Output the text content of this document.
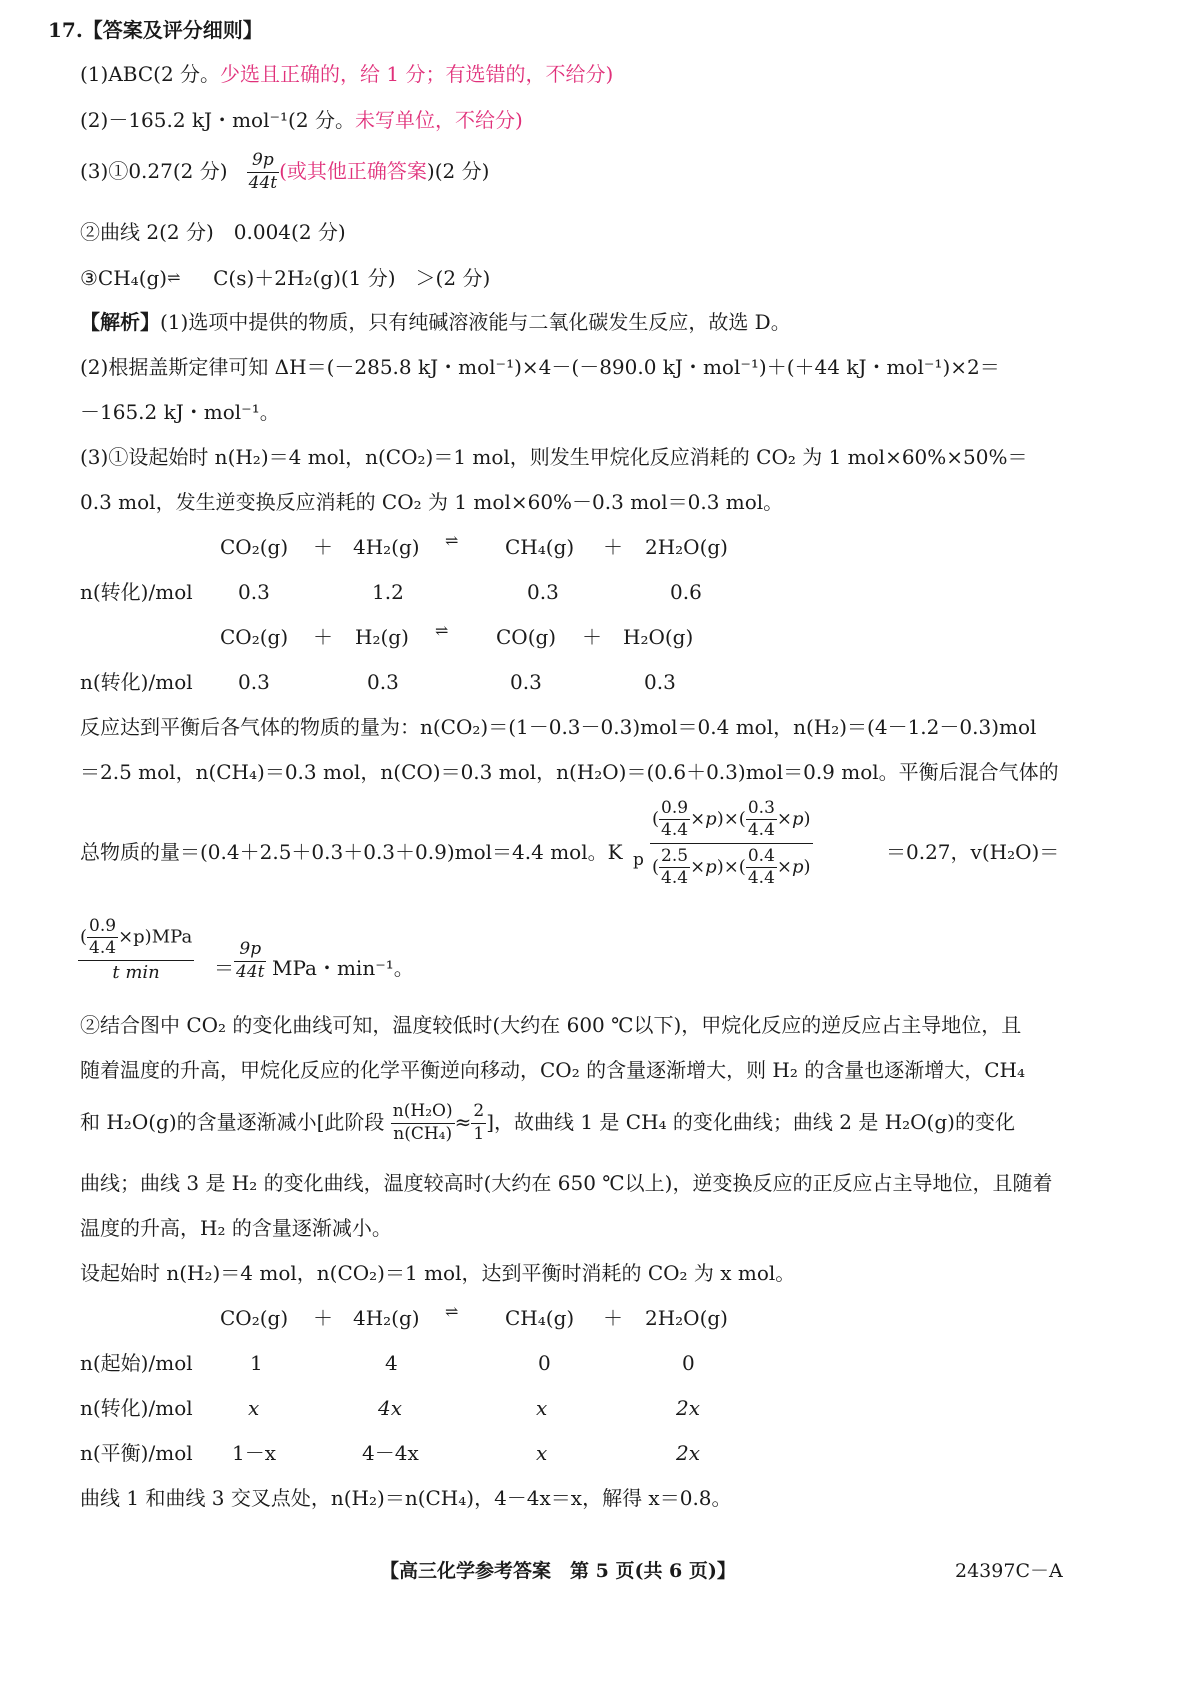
17.【答案及评分细则】
(1)ABC(2 分。少选且正确的，给 1 分；有选错的，不给分)
(2)－165.2 kJ・mol⁻¹(2 分。未写单位，不给分)
(3)①0.27(2 分) $\frac{9p}{44t}$ (或其他正确答案)(2 分)
②曲线 2(2 分)　0.004(2 分)
③CH₄(g)⇌ C(s)＋2H₂(g)(1 分)　＞(2 分)
【解析】(1)选项中提供的物质，只有纯碱溶液能与二氧化碳发生反应，故选 D。
(2)根据盖斯定律可知 ΔH＝(－285.8 kJ・mol⁻¹)×4－(－890.0 kJ・mol⁻¹)＋(＋44 kJ・mol⁻¹)×2＝
－165.2 kJ・mol⁻¹。
(3)①设起始时 n(H₂)＝4 mol，n(CO₂)＝1 mol，则发生甲烷化反应消耗的 CO₂ 为 1 mol×60%×50%＝
0.3 mol，发生逆变换反应消耗的 CO₂ 为 1 mol×60%－0.3 mol＝0.3 mol。
CO₂(g) ＋ 4H₂(g) ⇌ CH₄(g) ＋ 2H₂O(g)
n(转化)/mol 0.3	1.2	0.3	0.6
CO₂(g) ＋ H₂(g) ⇌ CO(g) ＋ H₂O(g)
n(转化)/mol 0.3	0.3	0.3	0.3
反应达到平衡后各气体的物质的量为：n(CO₂)＝(1－0.3－0.3)mol＝0.4 mol，n(H₂)＝(4－1.2－0.3)mol
＝2.5 mol，n(CH₄)＝0.3 mol，n(CO)＝0.3 mol，n(H₂O)＝(0.6＋0.3)mol＝0.9 mol。平衡后混合气体的
总物质的量＝(0.4＋2.5＋0.3＋0.3＋0.9)mol＝4.4 mol。K p $\frac{( \frac{0.9}{4.4} \times p)\times( \frac{0.3}{4.4} \times p)}{( \frac{2.5}{4.4} \times p)\times( \frac{0.4}{4.4} \times p)}$	＝0.27，v(H₂O)＝
$\frac{( \frac{0.9}{4.4} \times p)MPa}{\text{t min}} = \frac{9p}{44t}$ MPa・min⁻¹。
②结合图中 CO₂ 的变化曲线可知，温度较低时(大约在 600 ℃以下)，甲烷化反应的逆反应占主导地位，且
随着温度的升高，甲烷化反应的化学平衡逆向移动，CO₂ 的含量逐渐增大，则 H₂ 的含量也逐渐增大，CH₄
和 H₂O(g)的含量逐渐减小[此阶段 $\frac{\text{n(H₂O)}}{\text{n(CH₄)}} \approx \frac{2}{1}$ ]，故曲线 1 是 CH₄ 的变化曲线；曲线 2 是 H₂O(g)的变化
曲线；曲线 3 是 H₂ 的变化曲线，温度较高时(大约在 650 ℃以上)，逆变换反应的正反应占主导地位，且随着
温度的升高，H₂ 的含量逐渐减小。
设起始时 n(H₂)＝4 mol，n(CO₂)＝1 mol，达到平衡时消耗的 CO₂ 为 x mol。
CO₂(g) ＋ 4H₂(g) ⇌ CH₄(g) ＋ 2H₂O(g)
n(起始)/mol	1	4	0	0
n(转化)/mol	x	4x	x	2x
n(平衡)/mol 1－x	4－4x	x	2x
曲线 1 和曲线 3 交叉点处，n(H₂)＝n(CH₄)，4－4x＝x，解得 x＝0.8。
【高三化学参考答案　第 5 页(共 6 页)】	24397C－A
